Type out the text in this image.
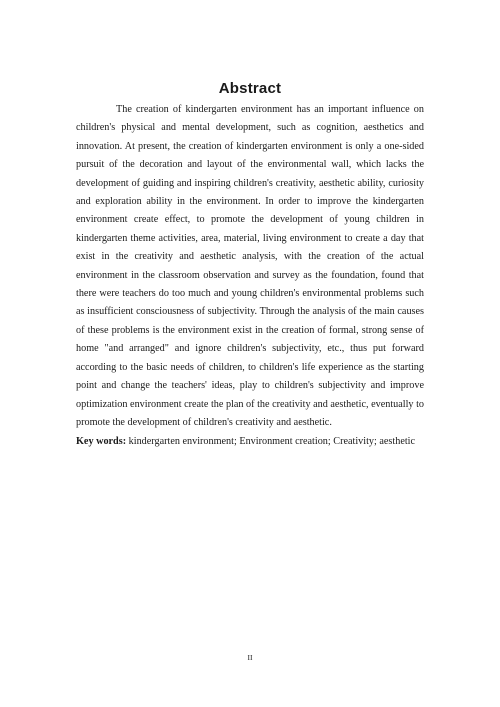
Abstract

The creation of kindergarten environment has an important influence on children's physical and mental development, such as cognition, aesthetics and innovation. At present, the creation of kindergarten environment is only a one-sided pursuit of the decoration and layout of the environmental wall, which lacks the development of guiding and inspiring children's creativity, aesthetic ability, curiosity and exploration ability in the environment. In order to improve the kindergarten environment create effect, to promote the development of young children in kindergarten theme activities, area, material, living environment to create a day that exist in the creativity and aesthetic analysis, with the creation of the actual environment in the classroom observation and survey as the foundation, found that there were teachers do too much and young children's environmental problems such as insufficient consciousness of subjectivity. Through the analysis of the main causes of these problems is the environment exist in the creation of formal, strong sense of home "and arranged" and ignore children's subjectivity, etc., thus put forward according to the basic needs of children, to children's life experience as the starting point and change the teachers' ideas, play to children's subjectivity and improve optimization environment create the plan of the creativity and aesthetic, eventually to promote the development of children's creativity and aesthetic.

Key words: kindergarten environment; Environment creation; Creativity; aesthetic

II
